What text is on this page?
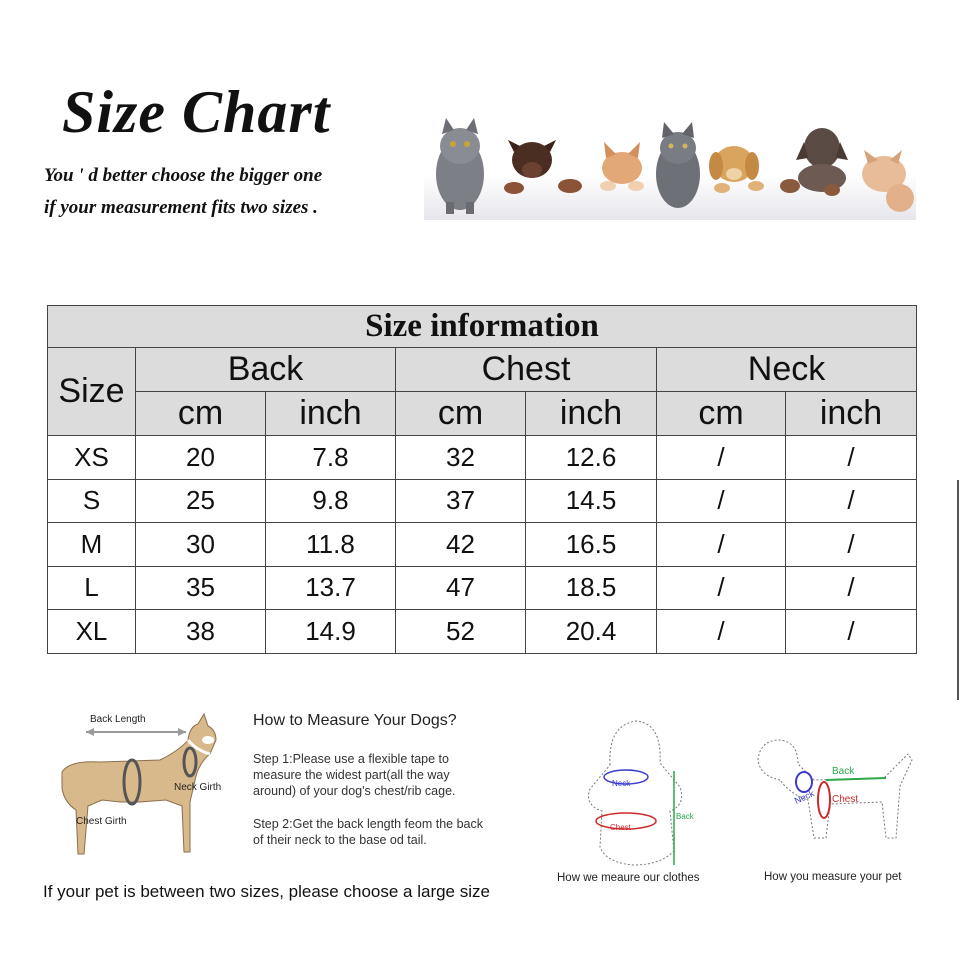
Size Chart
You ' d better choose the bigger one
if your measurement fits two sizes .
Size information						
Size	Back		Chest		Neck	
	cm	inch	cm	inch	cm	inch
XS	20	7.8	32	12.6	/	/
S	25	9.8	37	14.5	/	/
M	30	11.8	42	16.5	/	/
L	35	13.7	47	18.5	/	/
XL	38	14.9	52	20.4	/	/
Back Length
Neck Girth
Chest Girth
How to Measure Your Dogs?
Step 1:Please use a flexible tape to measure the widest part(all the way around) of your dog's chest/rib cage.
Step 2:Get the back length feom the back of their neck to the base od tail.
Neck
Chest
Back
How we meaure our clothes
Back
Neck Chest
How you measure your pet
If your pet is between two sizes, please choose a large size
